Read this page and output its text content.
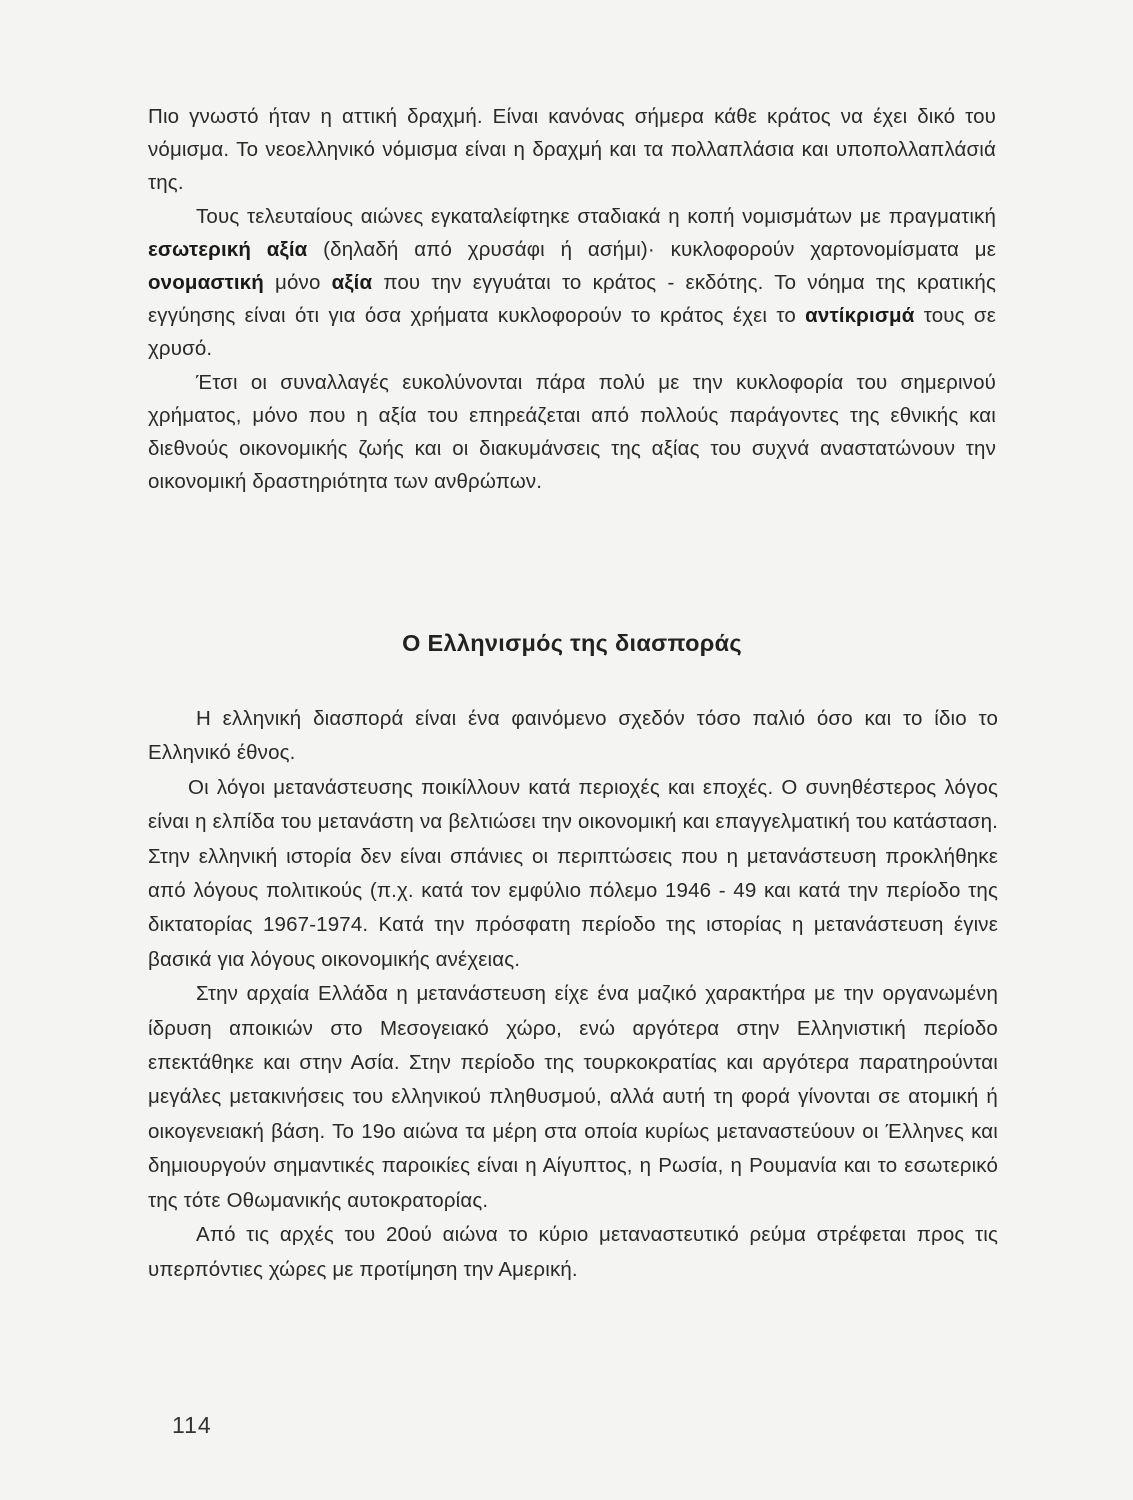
Πιο γνωστό ήταν η αττική δραχμή. Είναι κανόνας σήμερα κάθε κράτος να έχει δικό του νόμισμα. Το νεοελληνικό νόμισμα είναι η δραχμή και τα πολλαπλάσια και υποπολλαπλάσιά της.

Τους τελευταίους αιώνες εγκαταλείφτηκε σταδιακά η κοπή νομισμάτων με πραγματική εσωτερική αξία (δηλαδή από χρυσάφι ή ασήμι)· κυκλοφορούν χαρτονομίσματα με ονομαστική μόνο αξία που την εγγυάται το κράτος - εκδότης. Το νόημα της κρατικής εγγύησης είναι ότι για όσα χρήματα κυκλοφορούν το κράτος έχει το αντίκρισμά τους σε χρυσό.

Έτσι οι συναλλαγές ευκολύνονται πάρα πολύ με την κυκλοφορία του σημερινού χρήματος, μόνο που η αξία του επηρεάζεται από πολλούς παράγοντες της εθνικής και διεθνούς οικονομικής ζωής και οι διακυμάνσεις της αξίας του συχνά αναστατώνουν την οικονομική δραστηριότητα των ανθρώπων.

Ο Ελληνισμός της διασποράς

Η ελληνική διασπορά είναι ένα φαινόμενο σχεδόν τόσο παλιό όσο και το ίδιο το Ελληνικό έθνος.

Οι λόγοι μετανάστευσης ποικίλλουν κατά περιοχές και εποχές. Ο συνηθέστερος λόγος είναι η ελπίδα του μετανάστη να βελτιώσει την οικονομική και επαγγελματική του κατάσταση. Στην ελληνική ιστορία δεν είναι σπάνιες οι περιπτώσεις που η μετανάστευση προκλήθηκε από λόγους πολιτικούς (π.χ. κατά τον εμφύλιο πόλεμο 1946 - 49 και κατά την περίοδο της δικτατορίας 1967-1974. Κατά την πρόσφατη περίοδο της ιστορίας η μετανάστευση έγινε βασικά για λόγους οικονομικής ανέχειας.

Στην αρχαία Ελλάδα η μετανάστευση είχε ένα μαζικό χαρακτήρα με την οργανωμένη ίδρυση αποικιών στο Μεσογειακό χώρο, ενώ αργότερα στην Ελληνιστική περίοδο επεκτάθηκε και στην Ασία. Στην περίοδο της τουρκοκρατίας και αργότερα παρατηρούνται μεγάλες μετακινήσεις του ελληνικού πληθυσμού, αλλά αυτή τη φορά γίνονται σε ατομική ή οικογενειακή βάση. Το 19ο αιώνα τα μέρη στα οποία κυρίως μεταναστεύουν οι Έλληνες και δημιουργούν σημαντικές παροικίες είναι η Αίγυπτος, η Ρωσία, η Ρουμανία και το εσωτερικό της τότε Οθωμανικής αυτοκρατορίας.

Από τις αρχές του 20ού αιώνα το κύριο μεταναστευτικό ρεύμα στρέφεται προς τις υπερπόντιες χώρες με προτίμηση την Αμερική.

114
